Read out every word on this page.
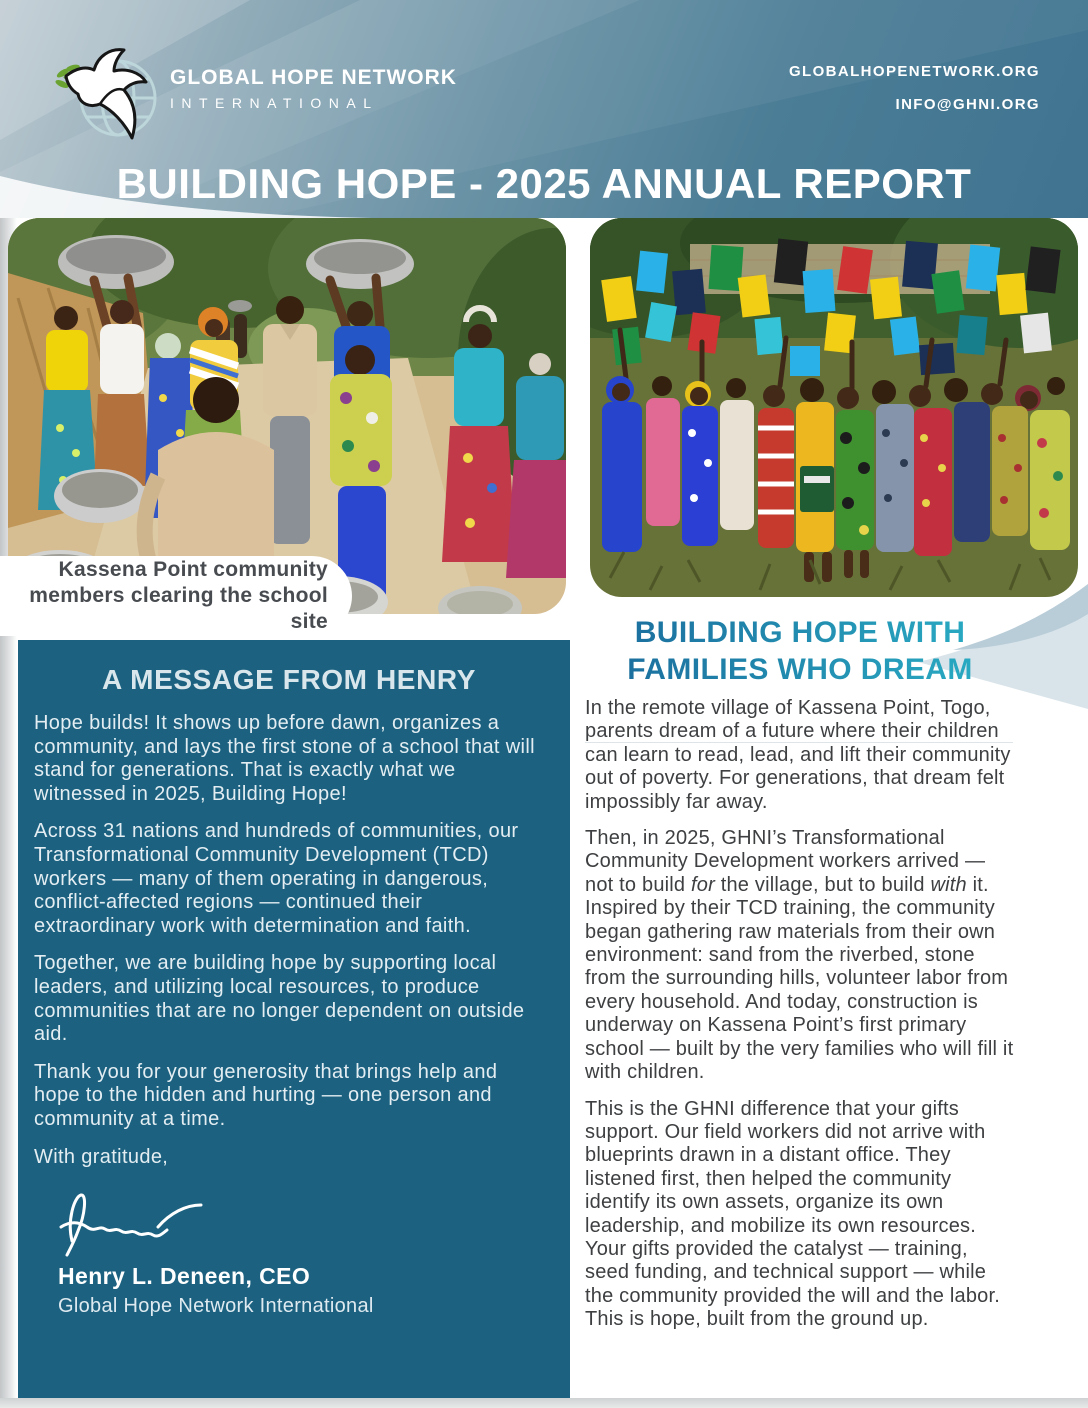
GLOBAL HOPE NETWORK
INTERNATIONAL
GLOBALHOPENETWORK.ORG
INFO@GHNI.ORG
BUILDING HOPE - 2025 ANNUAL REPORT
Kassena Point community
members clearing the school site
A MESSAGE FROM HENRY

Hope builds! It shows up before dawn, organizes a community, and lays the first stone of a school that will stand for generations. That is exactly what we witnessed in 2025, Building Hope!

Across 31 nations and hundreds of communities, our Transformational Community Development (TCD) workers — many of them operating in dangerous, conflict-affected regions — continued their extraordinary work with determination and faith.

Together, we are building hope by supporting local leaders, and utilizing local resources, to produce communities that are no longer dependent on outside aid.

Thank you for your generosity that brings help and hope to the hidden and hurting — one person and community at a time.

With gratitude,

Henry L. Deneen, CEO
Global Hope Network International
BUILDING HOPE WITH
FAMILIES WHO DREAM

In the remote village of Kassena Point, Togo, parents dream of a future where their children can learn to read, lead, and lift their community out of poverty. For generations, that dream felt impossibly far away.

Then, in 2025, GHNI’s Transformational Community Development workers arrived — not to build for the village, but to build with it. Inspired by their TCD training, the community began gathering raw materials from their own environment: sand from the riverbed, stone from the surrounding hills, volunteer labor from every household. And today, construction is underway on Kassena Point’s first primary school — built by the very families who will fill it with children.

This is the GHNI difference that your gifts support. Our field workers did not arrive with blueprints drawn in a distant office. They listened first, then helped the community identify its own assets, organize its own leadership, and mobilize its own resources. Your gifts provided the catalyst — training, seed funding, and technical support — while the community provided the will and the labor. This is hope, built from the ground up.
